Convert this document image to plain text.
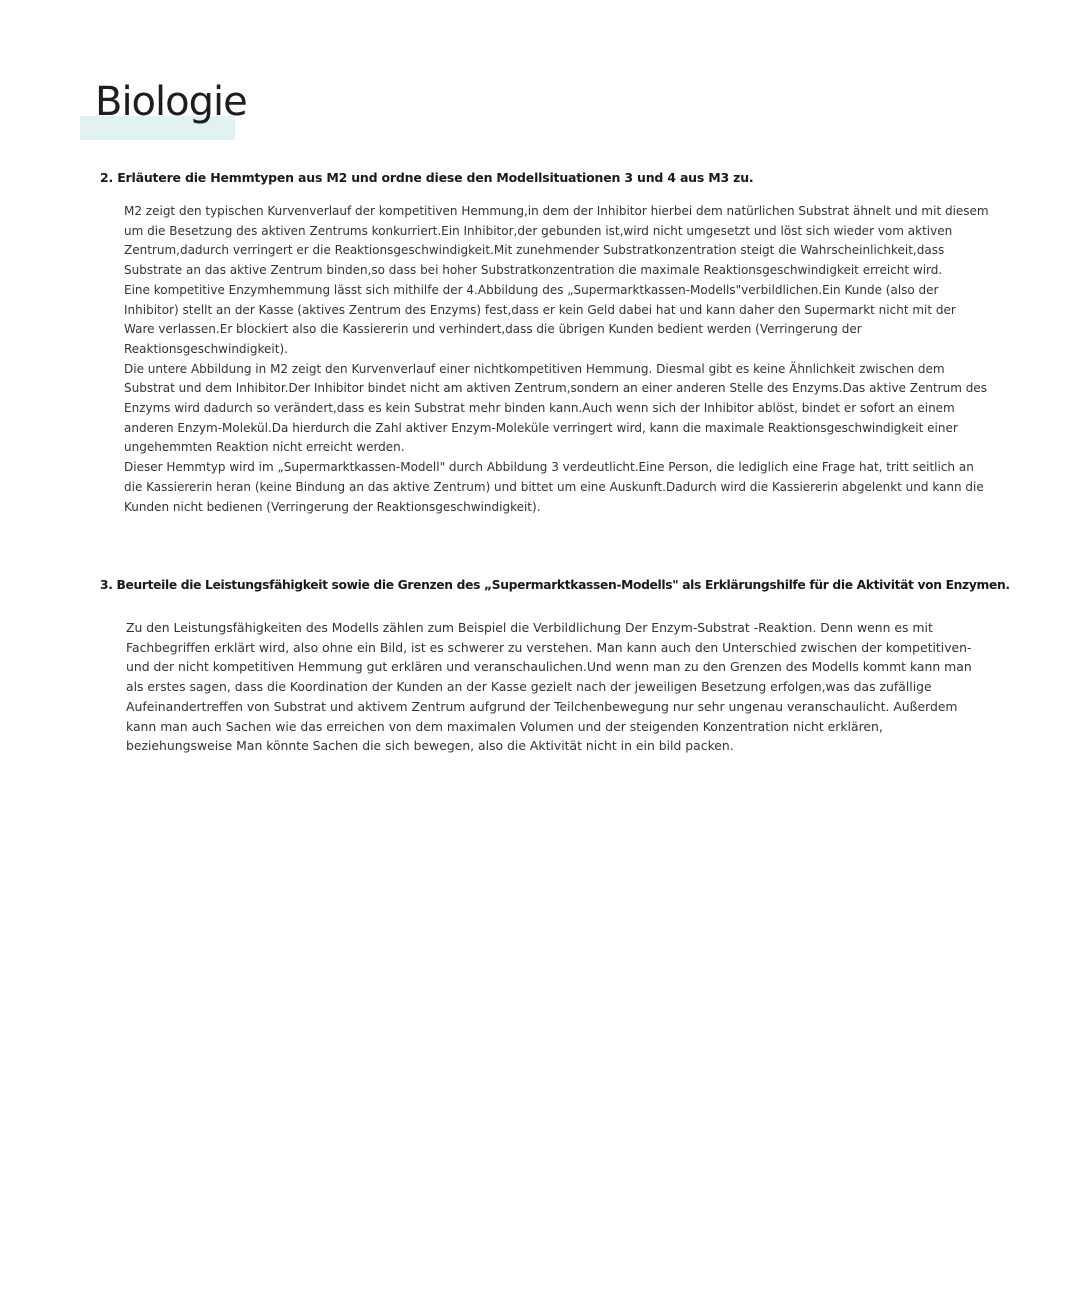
Biologie
2. Erläutere die Hemmtypen aus M2 und ordne diese den Modellsituationen 3 und 4 aus M3 zu.

M2 zeigt den typischen Kurvenverlauf der kompetitiven Hemmung,in dem der Inhibitor hierbei dem natürlichen Substrat ähnelt und mit diesem um die Besetzung des aktiven Zentrums konkurriert.Ein Inhibitor,der gebunden ist,wird nicht umgesetzt und löst sich wieder vom aktiven Zentrum,dadurch verringert er die Reaktionsgeschwindigkeit.Mit zunehmender Substratkonzentration steigt die Wahrscheinlichkeit,dass Substrate an das aktive Zentrum binden,so dass bei hoher Substratkonzentration die maximale Reaktionsgeschwindigkeit erreicht wird.

Eine kompetitive Enzymhemmung lässt sich mithilfe der 4.Abbildung des „Supermarktkassen-Modells"verbildlichen.Ein Kunde (also der Inhibitor) stellt an der Kasse (aktives Zentrum des Enzyms) fest,dass er kein Geld dabei hat und kann daher den Supermarkt nicht mit der Ware verlassen.Er blockiert also die Kassiererin und verhindert,dass die übrigen Kunden bedient werden (Verringerung der Reaktionsgeschwindigkeit).

Die untere Abbildung in M2 zeigt den Kurvenverlauf einer nichtkompetitiven Hemmung. Diesmal gibt es keine Ähnlichkeit zwischen dem Substrat und dem Inhibitor.Der Inhibitor bindet nicht am aktiven Zentrum,sondern an einer anderen Stelle des Enzyms.Das aktive Zentrum des Enzyms wird dadurch so verändert,dass es kein Substrat mehr binden kann.Auch wenn sich der Inhibitor ablöst, bindet er sofort an einem anderen Enzym-Molekül.Da hierdurch die Zahl aktiver Enzym-Moleküle verringert wird, kann die maximale Reaktionsgeschwindigkeit einer ungehemmten Reaktion nicht erreicht werden.

Dieser Hemmtyp wird im „Supermarktkassen-Modell" durch Abbildung 3 verdeutlicht.Eine Person, die lediglich eine Frage hat, tritt seitlich an die Kassiererin heran (keine Bindung an das aktive Zentrum) und bittet um eine Auskunft.Dadurch wird die Kassiererin abgelenkt und kann die Kunden nicht bedienen (Verringerung der Reaktionsgeschwindigkeit).

3. Beurteile die Leistungsfähigkeit sowie die Grenzen des „Supermarktkassen-Modells" als Erklärungshilfe für die Aktivität von Enzymen.

Zu den Leistungsfähigkeiten des Modells zählen zum Beispiel die Verbildlichung Der Enzym-Substrat -Reaktion. Denn wenn es mit Fachbegriffen erklärt wird, also ohne ein Bild, ist es schwerer zu verstehen. Man kann auch den Unterschied zwischen der kompetitiven- und der nicht kompetitiven Hemmung gut erklären und veranschaulichen.Und wenn man zu den Grenzen des Modells kommt kann man als erstes sagen, dass die Koordination der Kunden an der Kasse gezielt nach der jeweiligen Besetzung erfolgen,was das zufällige Aufeinandertreffen von Substrat und aktivem Zentrum aufgrund der Teilchenbewegung nur sehr ungenau veranschaulicht. Außerdem kann man auch Sachen wie das erreichen von dem maximalen Volumen und der steigenden Konzentration nicht erklären, beziehungsweise Man könnte Sachen die sich bewegen, also die Aktivität nicht in ein bild packen.
